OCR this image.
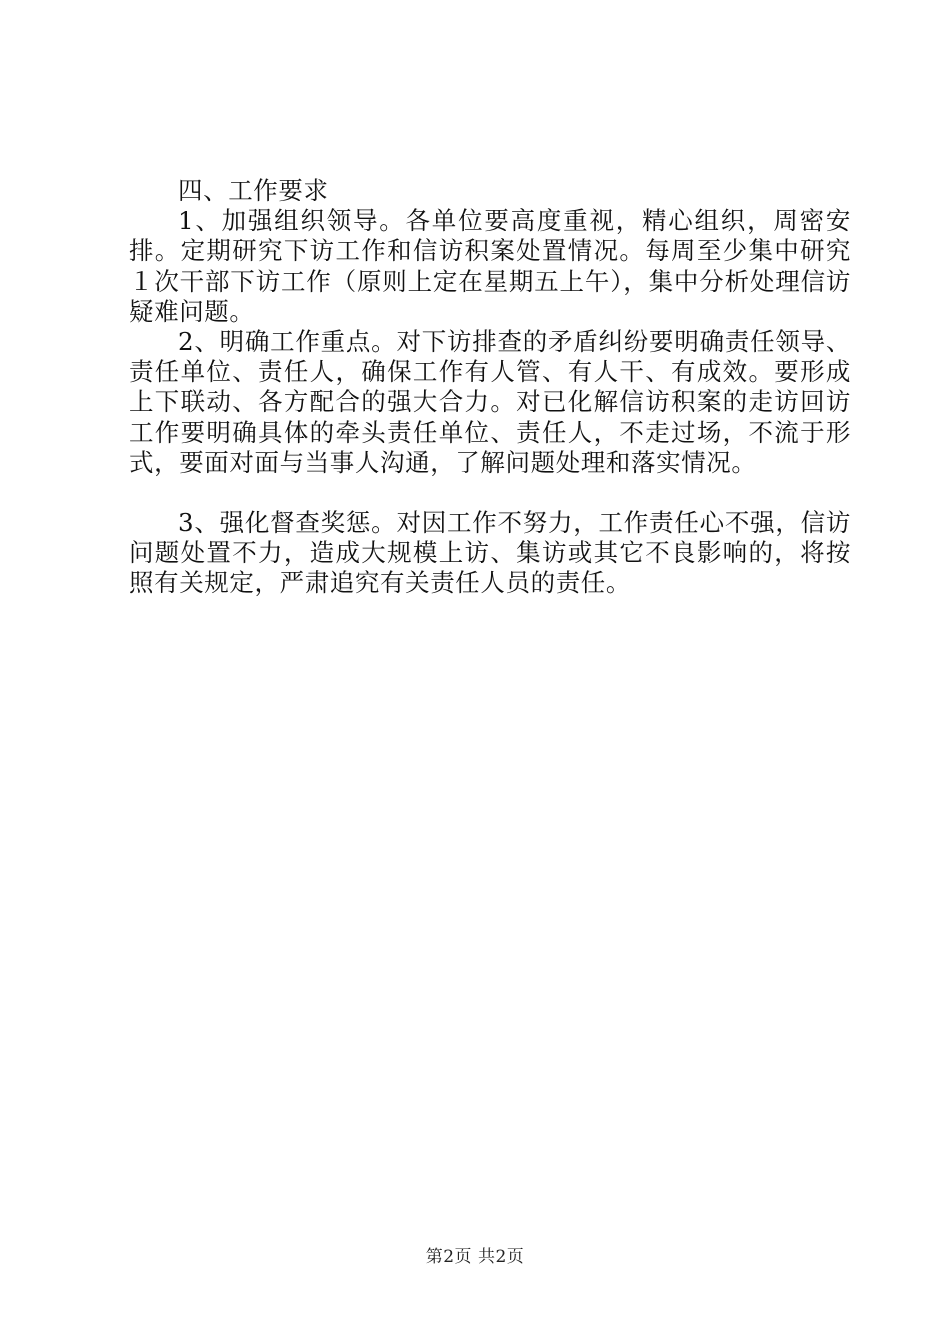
四、工作要求

1、加强组织领导。各单位要高度重视，精心组织，周密安排。定期研究下访工作和信访积案处置情况。每周至少集中研究１次干部下访工作（原则上定在星期五上午），集中分析处理信访疑难问题。

2、明确工作重点。对下访排查的矛盾纠纷要明确责任领导、责任单位、责任人，确保工作有人管、有人干、有成效。要形成上下联动、各方配合的强大合力。对已化解信访积案的走访回访工作要明确具体的牵头责任单位、责任人，不走过场，不流于形式，要面对面与当事人沟通，了解问题处理和落实情况。

3、强化督查奖惩。对因工作不努力，工作责任心不强，信访问题处置不力，造成大规模上访、集访或其它不良影响的，将按照有关规定，严肃追究有关责任人员的责任。

第2页 共2页
